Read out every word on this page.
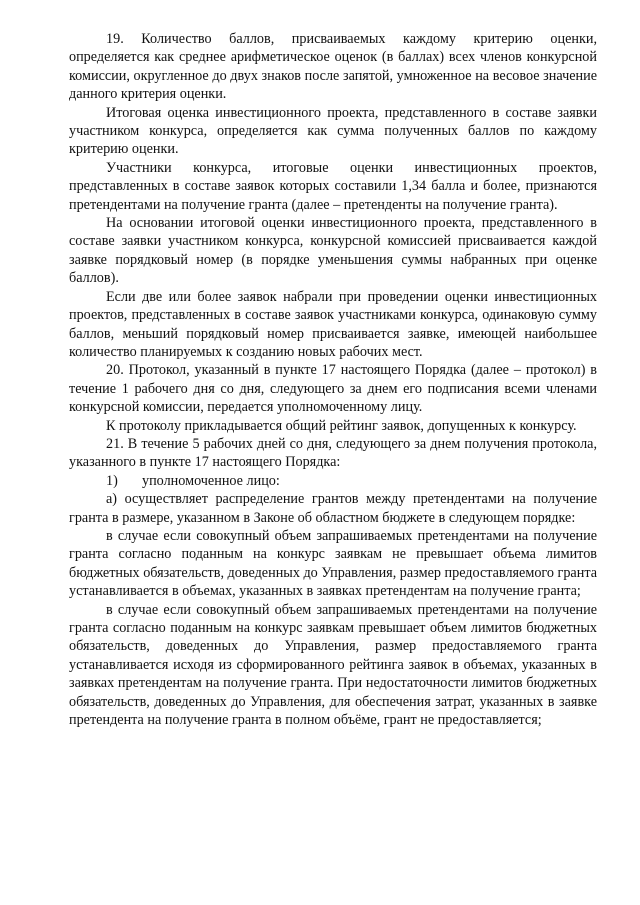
19. Количество баллов, присваиваемых каждому критерию оценки, определяется как среднее арифметическое оценок (в баллах) всех членов конкурсной комиссии, округленное до двух знаков после запятой, умноженное на весовое значение данного критерия оценки.

Итоговая оценка инвестиционного проекта, представленного в составе заявки участником конкурса, определяется как сумма полученных баллов по каждому критерию оценки.

Участники конкурса, итоговые оценки инвестиционных проектов, представленных в составе заявок которых составили 1,34 балла и более, признаются претендентами на получение гранта (далее – претенденты на получение гранта).

На основании итоговой оценки инвестиционного проекта, представленного в составе заявки участником конкурса, конкурсной комиссией присваивается каждой заявке порядковый номер (в порядке уменьшения суммы набранных при оценке баллов).

Если две или более заявок набрали при проведении оценки инвестиционных проектов, представленных в составе заявок участниками конкурса, одинаковую сумму баллов, меньший порядковый номер присваивается заявке, имеющей наибольшее количество планируемых к созданию новых рабочих мест.

20. Протокол, указанный в пункте 17 настоящего Порядка (далее – протокол) в течение 1 рабочего дня со дня, следующего за днем его подписания всеми членами конкурсной комиссии, передается уполномоченному лицу.

К протоколу прикладывается общий рейтинг заявок, допущенных к конкурсу.

21. В течение 5 рабочих дней со дня, следующего за днем получения протокола, указанного в пункте 17 настоящего Порядка:

1) уполномоченное лицо:

а) осуществляет распределение грантов между претендентами на получение гранта в размере, указанном в Законе об областном бюджете в следующем порядке:

в случае если совокупный объем запрашиваемых претендентами на получение гранта согласно поданным на конкурс заявкам не превышает объема лимитов бюджетных обязательств, доведенных до Управления, размер предоставляемого гранта устанавливается в объемах, указанных в заявках претендентам на получение гранта;

в случае если совокупный объем запрашиваемых претендентами на получение гранта согласно поданным на конкурс заявкам превышает объем лимитов бюджетных обязательств, доведенных до Управления, размер предоставляемого гранта устанавливается исходя из сформированного рейтинга заявок в объемах, указанных в заявках претендентам на получение гранта. При недостаточности лимитов бюджетных обязательств, доведенных до Управления, для обеспечения затрат, указанных в заявке претендента на получение гранта в полном объёме, грант не предоставляется;
